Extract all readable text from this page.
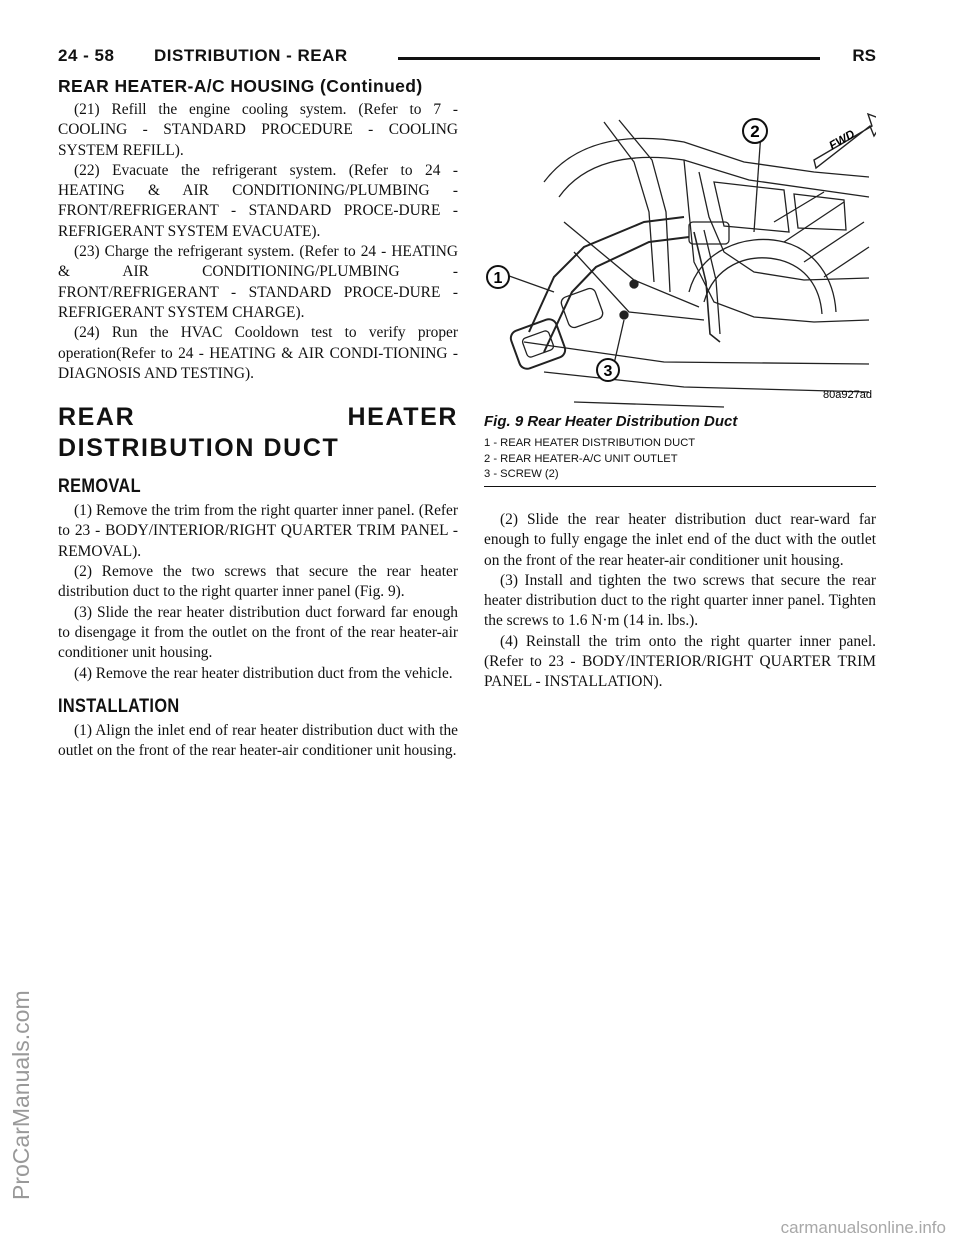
24 - 58 DISTRIBUTION - REAR	RS
REAR HEATER-A/C HOUSING (Continued)

(21) Refill the engine cooling system. (Refer to 7 - COOLING - STANDARD PROCEDURE - COOLING SYSTEM REFILL).

(22) Evacuate the refrigerant system. (Refer to 24 - HEATING & AIR CONDITIONING/PLUMBING - FRONT/REFRIGERANT - STANDARD PROCE-DURE - REFRIGERANT SYSTEM EVACUATE).

(23) Charge the refrigerant system. (Refer to 24 - HEATING & AIR CONDITIONING/PLUMBING - FRONT/REFRIGERANT - STANDARD PROCE-DURE - REFRIGERANT SYSTEM CHARGE).

(24) Run the HVAC Cooldown test to verify proper operation(Refer to 24 - HEATING & AIR CONDI-TIONING - DIAGNOSIS AND TESTING).

REAR HEATER DISTRIBUTION DUCT
REMOVAL

(1) Remove the trim from the right quarter inner panel. (Refer to 23 - BODY/INTERIOR/RIGHT QUARTER TRIM PANEL - REMOVAL).

(2) Remove the two screws that secure the rear heater distribution duct to the right quarter inner panel (Fig. 9).

(3) Slide the rear heater distribution duct forward far enough to disengage it from the outlet on the front of the rear heater-air conditioner unit housing.

(4) Remove the rear heater distribution duct from the vehicle.

INSTALLATION

(1) Align the inlet end of rear heater distribution duct with the outlet on the front of the rear heater-air conditioner unit housing.

1
2
3
FWD
80a927ad
Fig. 9 Rear Heater Distribution Duct
1 - REAR HEATER DISTRIBUTION DUCT
2 - REAR HEATER-A/C UNIT OUTLET
3 - SCREW (2)

(2) Slide the rear heater distribution duct rear-ward far enough to fully engage the inlet end of the duct with the outlet on the front of the rear heater-air conditioner unit housing.

(3) Install and tighten the two screws that secure the rear heater distribution duct to the right quarter inner panel. Tighten the screws to 1.6 N·m (14 in. lbs.).

(4) Reinstall the trim onto the right quarter inner panel. (Refer to 23 - BODY/INTERIOR/RIGHT QUARTER TRIM PANEL - INSTALLATION).

ProCarManuals.com
carmanualsonline.info
